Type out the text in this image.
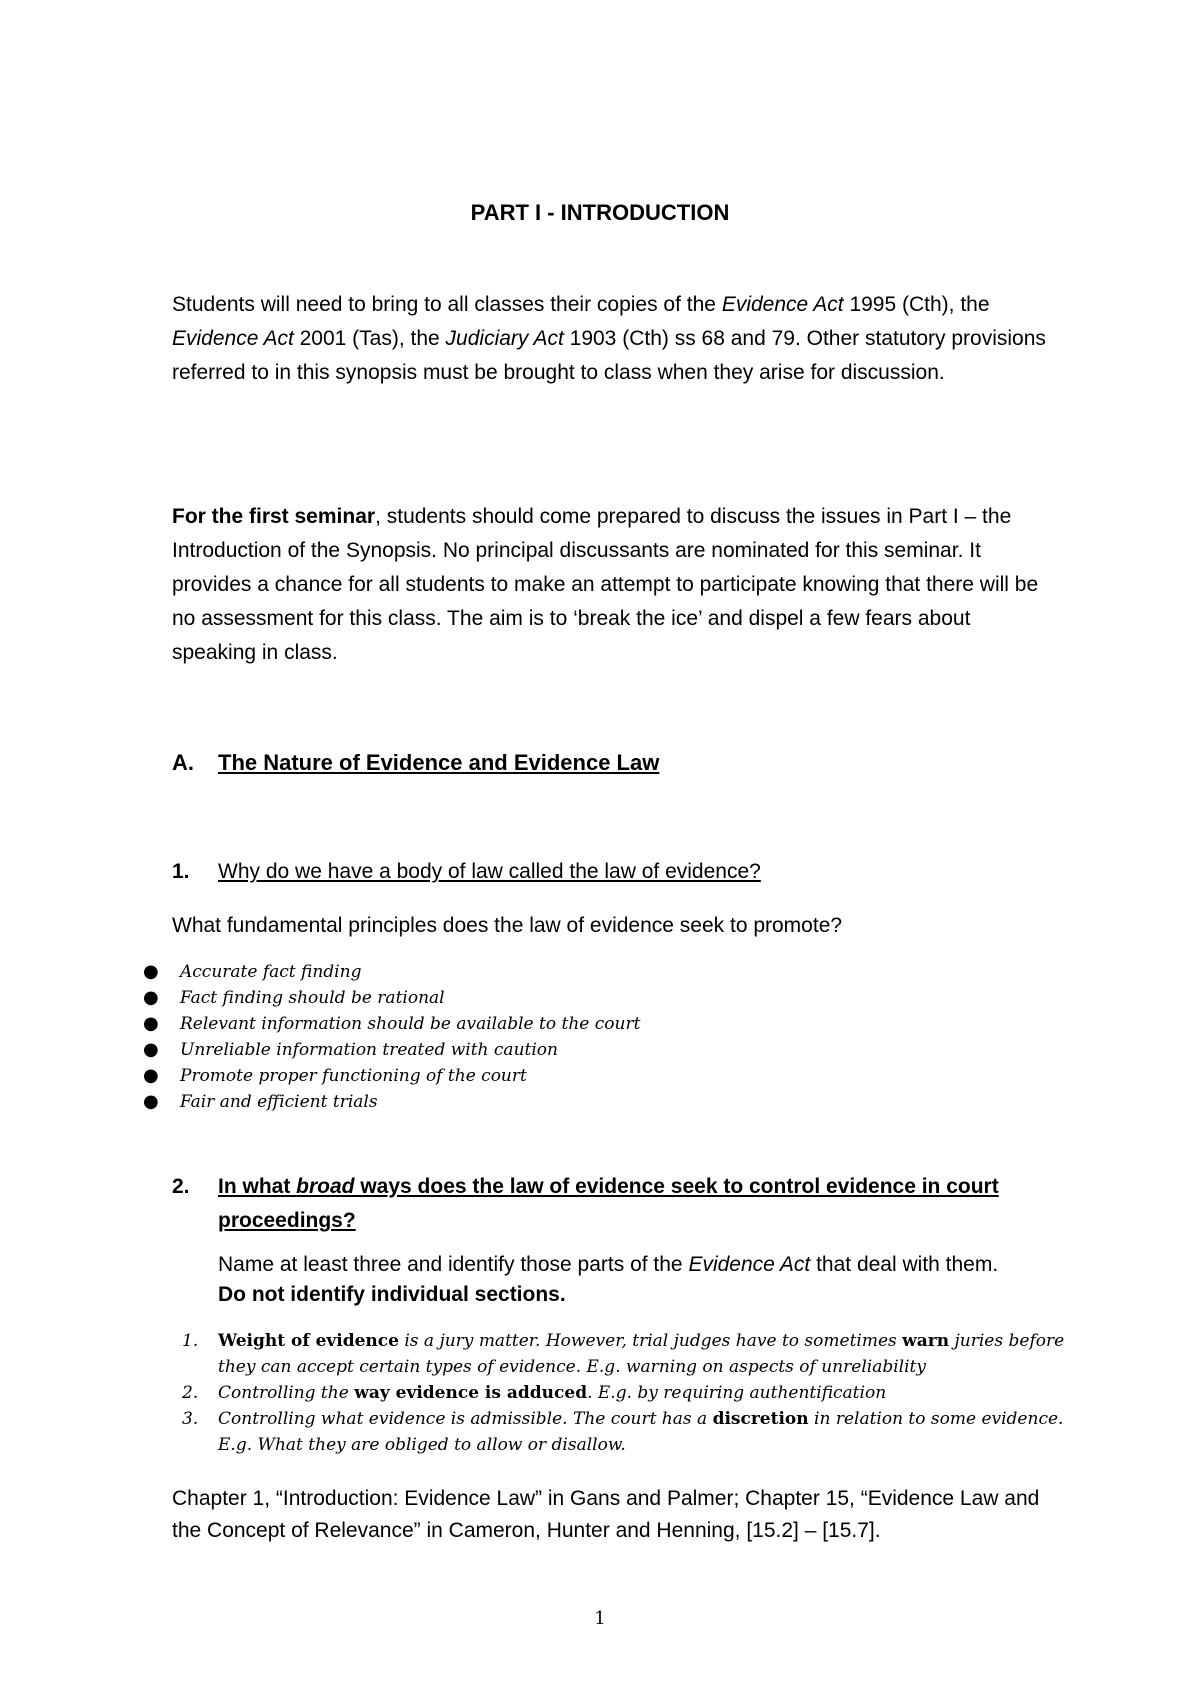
PART I - INTRODUCTION
Students will need to bring to all classes their copies of the Evidence Act 1995 (Cth), the Evidence Act 2001 (Tas), the Judiciary Act 1903 (Cth) ss 68 and 79. Other statutory provisions referred to in this synopsis must be brought to class when they arise for discussion.
For the first seminar, students should come prepared to discuss the issues in Part I – the Introduction of the Synopsis. No principal discussants are nominated for this seminar. It provides a chance for all students to make an attempt to participate knowing that there will be no assessment for this class. The aim is to ‘break the ice’ and dispel a few fears about speaking in class.
A. The Nature of Evidence and Evidence Law
1. Why do we have a body of law called the law of evidence?
What fundamental principles does the law of evidence seek to promote?
● Accurate fact finding
● Fact finding should be rational
● Relevant information should be available to the court
● Unreliable information treated with caution
● Promote proper functioning of the court
● Fair and efficient trials
2. In what broad ways does the law of evidence seek to control evidence in court proceedings?
Name at least three and identify those parts of the Evidence Act that deal with them. Do not identify individual sections.
1. Weight of evidence is a jury matter. However, trial judges have to sometimes warn juries before they can accept certain types of evidence. E.g. warning on aspects of unreliability
2. Controlling the way evidence is adduced. E.g. by requiring authentification
3. Controlling what evidence is admissible. The court has a discretion in relation to some evidence. E.g. What they are obliged to allow or disallow.
Chapter 1, “Introduction: Evidence Law” in Gans and Palmer; Chapter 15, “Evidence Law and the Concept of Relevance” in Cameron, Hunter and Henning, [15.2] – [15.7].
1
